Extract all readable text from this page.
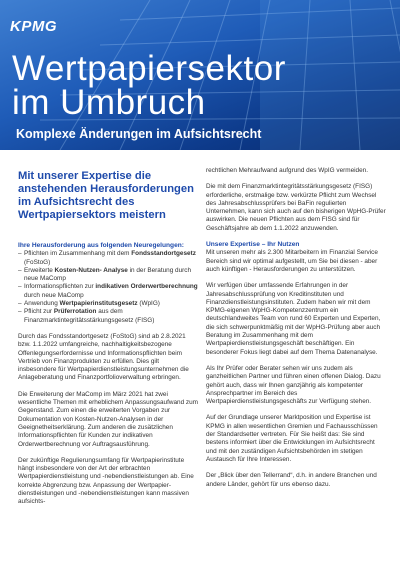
KPMG
Wertpapiersektor
im Umbruch
Komplexe Änderungen im Aufsichtsrecht
Mit unserer Expertise die anstehenden Herausforderungen im Aufsichtsrecht des Wertpapiersektors meistern
Ihre Herausforderung aus folgenden Neuregelungen:
– Pflichten im Zusammenhang mit dem Fondsstandortgesetz (FoStoG)
– Erweiterte Kosten-Nutzen- Analyse in der Beratung durch neue MaComp
– Informationspflichten zur indikativen Orderwertberechnung durch neue MaComp
– Anwendung Wertpapierinstitutsgesetz (WpIG)
– Pflicht zur Prüferrotation aus dem Finanzmarktintegritätsstärkungsgesetz (FISG)

Durch das Fondsstandortgesetz (FoStoG) sind ab 2.8.2021 bzw. 1.1.2022 umfangreiche, nachhaltigkeitsbezogene Offenlegungserfordernisse und Informationspflichten beim Vertrieb von Finanzprodukten zu erfüllen. Dies gilt insbesondere für Wertpapierdienstleistungsunternehmen die Anlageberatung und Finanzportfolioverwaltung erbringen.

Die Erweiterung der MaComp im März 2021 hat zwei wesentliche Themen mit erheblichem Anpassungsaufwand zum Gegenstand. Zum einen die erweiterten Vorgaben zur Dokumentation von Kosten-Nutzen-Analysen in der Geeignetheitserklärung. Zum anderen die zusätzlichen Informationspflichten für Kunden zur indikativen Orderwertberechnung vor Auftragsausführung.

Der zukünftige Regulierungsumfang für Wertpapierinstitute hängt insbesondere von der Art der erbrachten Wertpapierdienstleistung und -nebendienstleistungen ab. Eine korrekte Abgrenzung bzw. Anpassung der Wertpapier-dienstleistungen und -nebendienstleistungen kann massiven aufsichts-

rechtlichen Mehraufwand aufgrund des WpIG vermeiden.

Die mit dem Finanzmarktintegritätsstärkungsgesetz (FISG) erforderliche, erstmalige bzw. verkürzte Pflicht zum Wechsel des Jahresabschlussprüfers bei BaFin regulierten Unternehmen, kann sich auch auf den bisherigen WpHG-Prüfer auswirken. Die neuen Pflichten aus dem FISG sind für Geschäftsjahre ab dem 1.1.2022 anzuwenden.

Unsere Expertise – Ihr Nutzen

Mit unseren mehr als 2.300 Mitarbeitern im Finanzial Service Bereich sind wir optimal aufgestellt, um Sie bei diesen - aber auch künftigen - Herausforderungen zu unterstützen.

Wir verfügen über umfassende Erfahrungen in der Jahresabschlussprüfung von Kreditinstituten und Finanzdienstleistungsinstituten. Zudem haben wir mit dem KPMG-eigenen WpHG-Kompetenzzentrum ein deutschlandweites Team von rund 60 Experten und Experten, die sich schwerpunktmäßig mit der WpHG-Prüfung aber auch Beratung im Zusammenhang mit dem Wertpapierdienstleistungsgeschäft beschäftigen. Ein besonderer Fokus liegt dabei auf dem Thema Datenanalyse.

Als Ihr Prüfer oder Berater sehen wir uns zudem als ganzheitlichen Partner und führen einen offenen Dialog. Dazu gehört auch, dass wir Ihnen ganzjährig als kompetenter Ansprechpartner im Bereich des Wertpapierdienstleistungsgeschäfts zur Verfügung stehen.

Auf der Grundlage unserer Marktposition und Expertise ist KPMG in allen wesentlichen Gremien und Fachausschüssen der Standardsetter vertreten. Für Sie heißt das: Sie sind bestens informiert über die Entwicklungen im Aufsichtsrecht und mit den zuständigen Aufsichtsbehörden im stetigen Austausch für Ihre Interessen.

Der „Blick über den Tellerrand“, d.h. in andere Branchen und andere Länder, gehört für uns ebenso dazu.
